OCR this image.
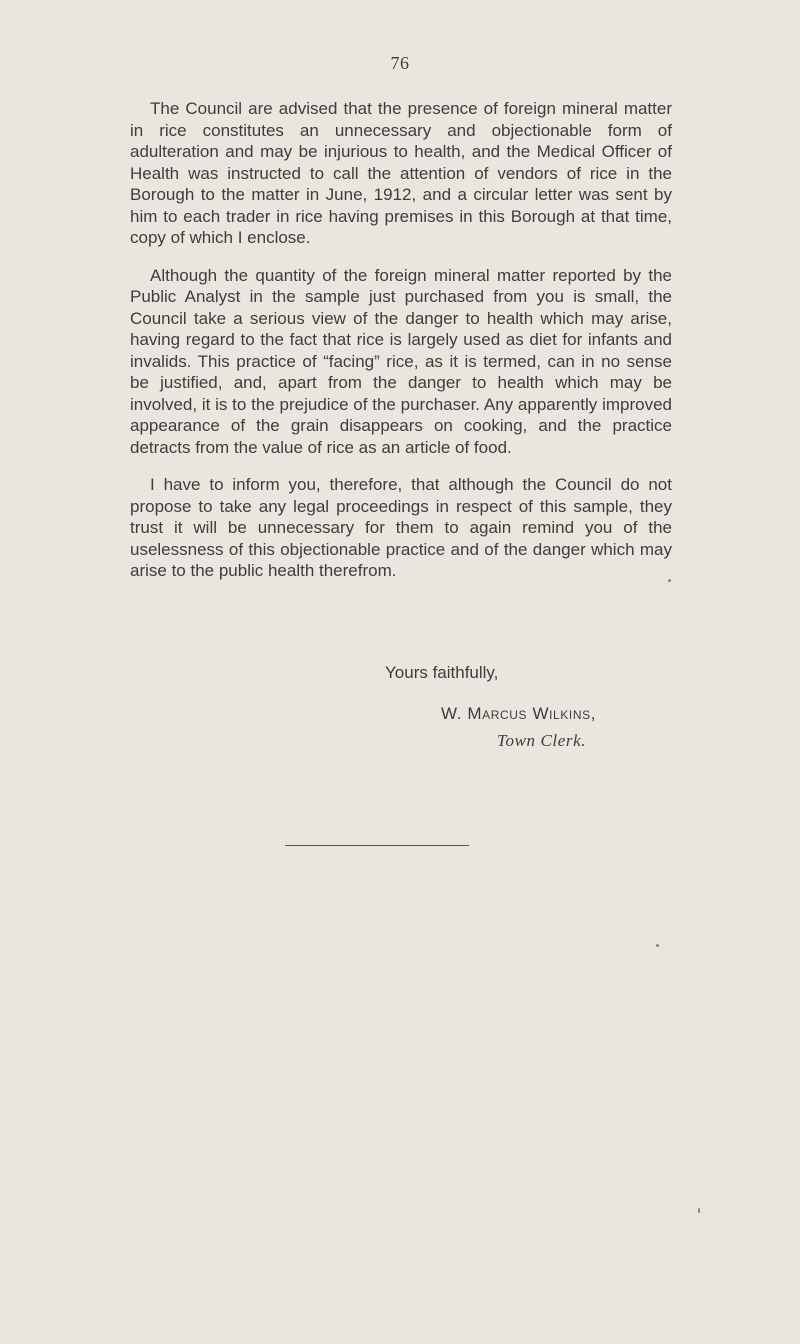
76

The Council are advised that the presence of foreign mineral matter in rice constitutes an unnecessary and objectionable form of adulteration and may be injurious to health, and the Medical Officer of Health was instructed to call the attention of vendors of rice in the Borough to the matter in June, 1912, and a circular letter was sent by him to each trader in rice having premises in this Borough at that time, copy of which I enclose.

Although the quantity of the foreign mineral matter reported by the Public Analyst in the sample just purchased from you is small, the Council take a serious view of the danger to health which may arise, having regard to the fact that rice is largely used as diet for infants and invalids. This practice of “facing” rice, as it is termed, can in no sense be justified, and, apart from the danger to health which may be involved, it is to the prejudice of the purchaser. Any apparently improved appearance of the grain disappears on cooking, and the practice detracts from the value of rice as an article of food.

I have to inform you, therefore, that although the Council do not propose to take any legal proceedings in respect of this sample, they trust it will be unnecessary for them to again remind you of the uselessness of this objectionable practice and of the danger which may arise to the public health therefrom.

Yours faithfully,
W. Marcus Wilkins,
Town Clerk.
